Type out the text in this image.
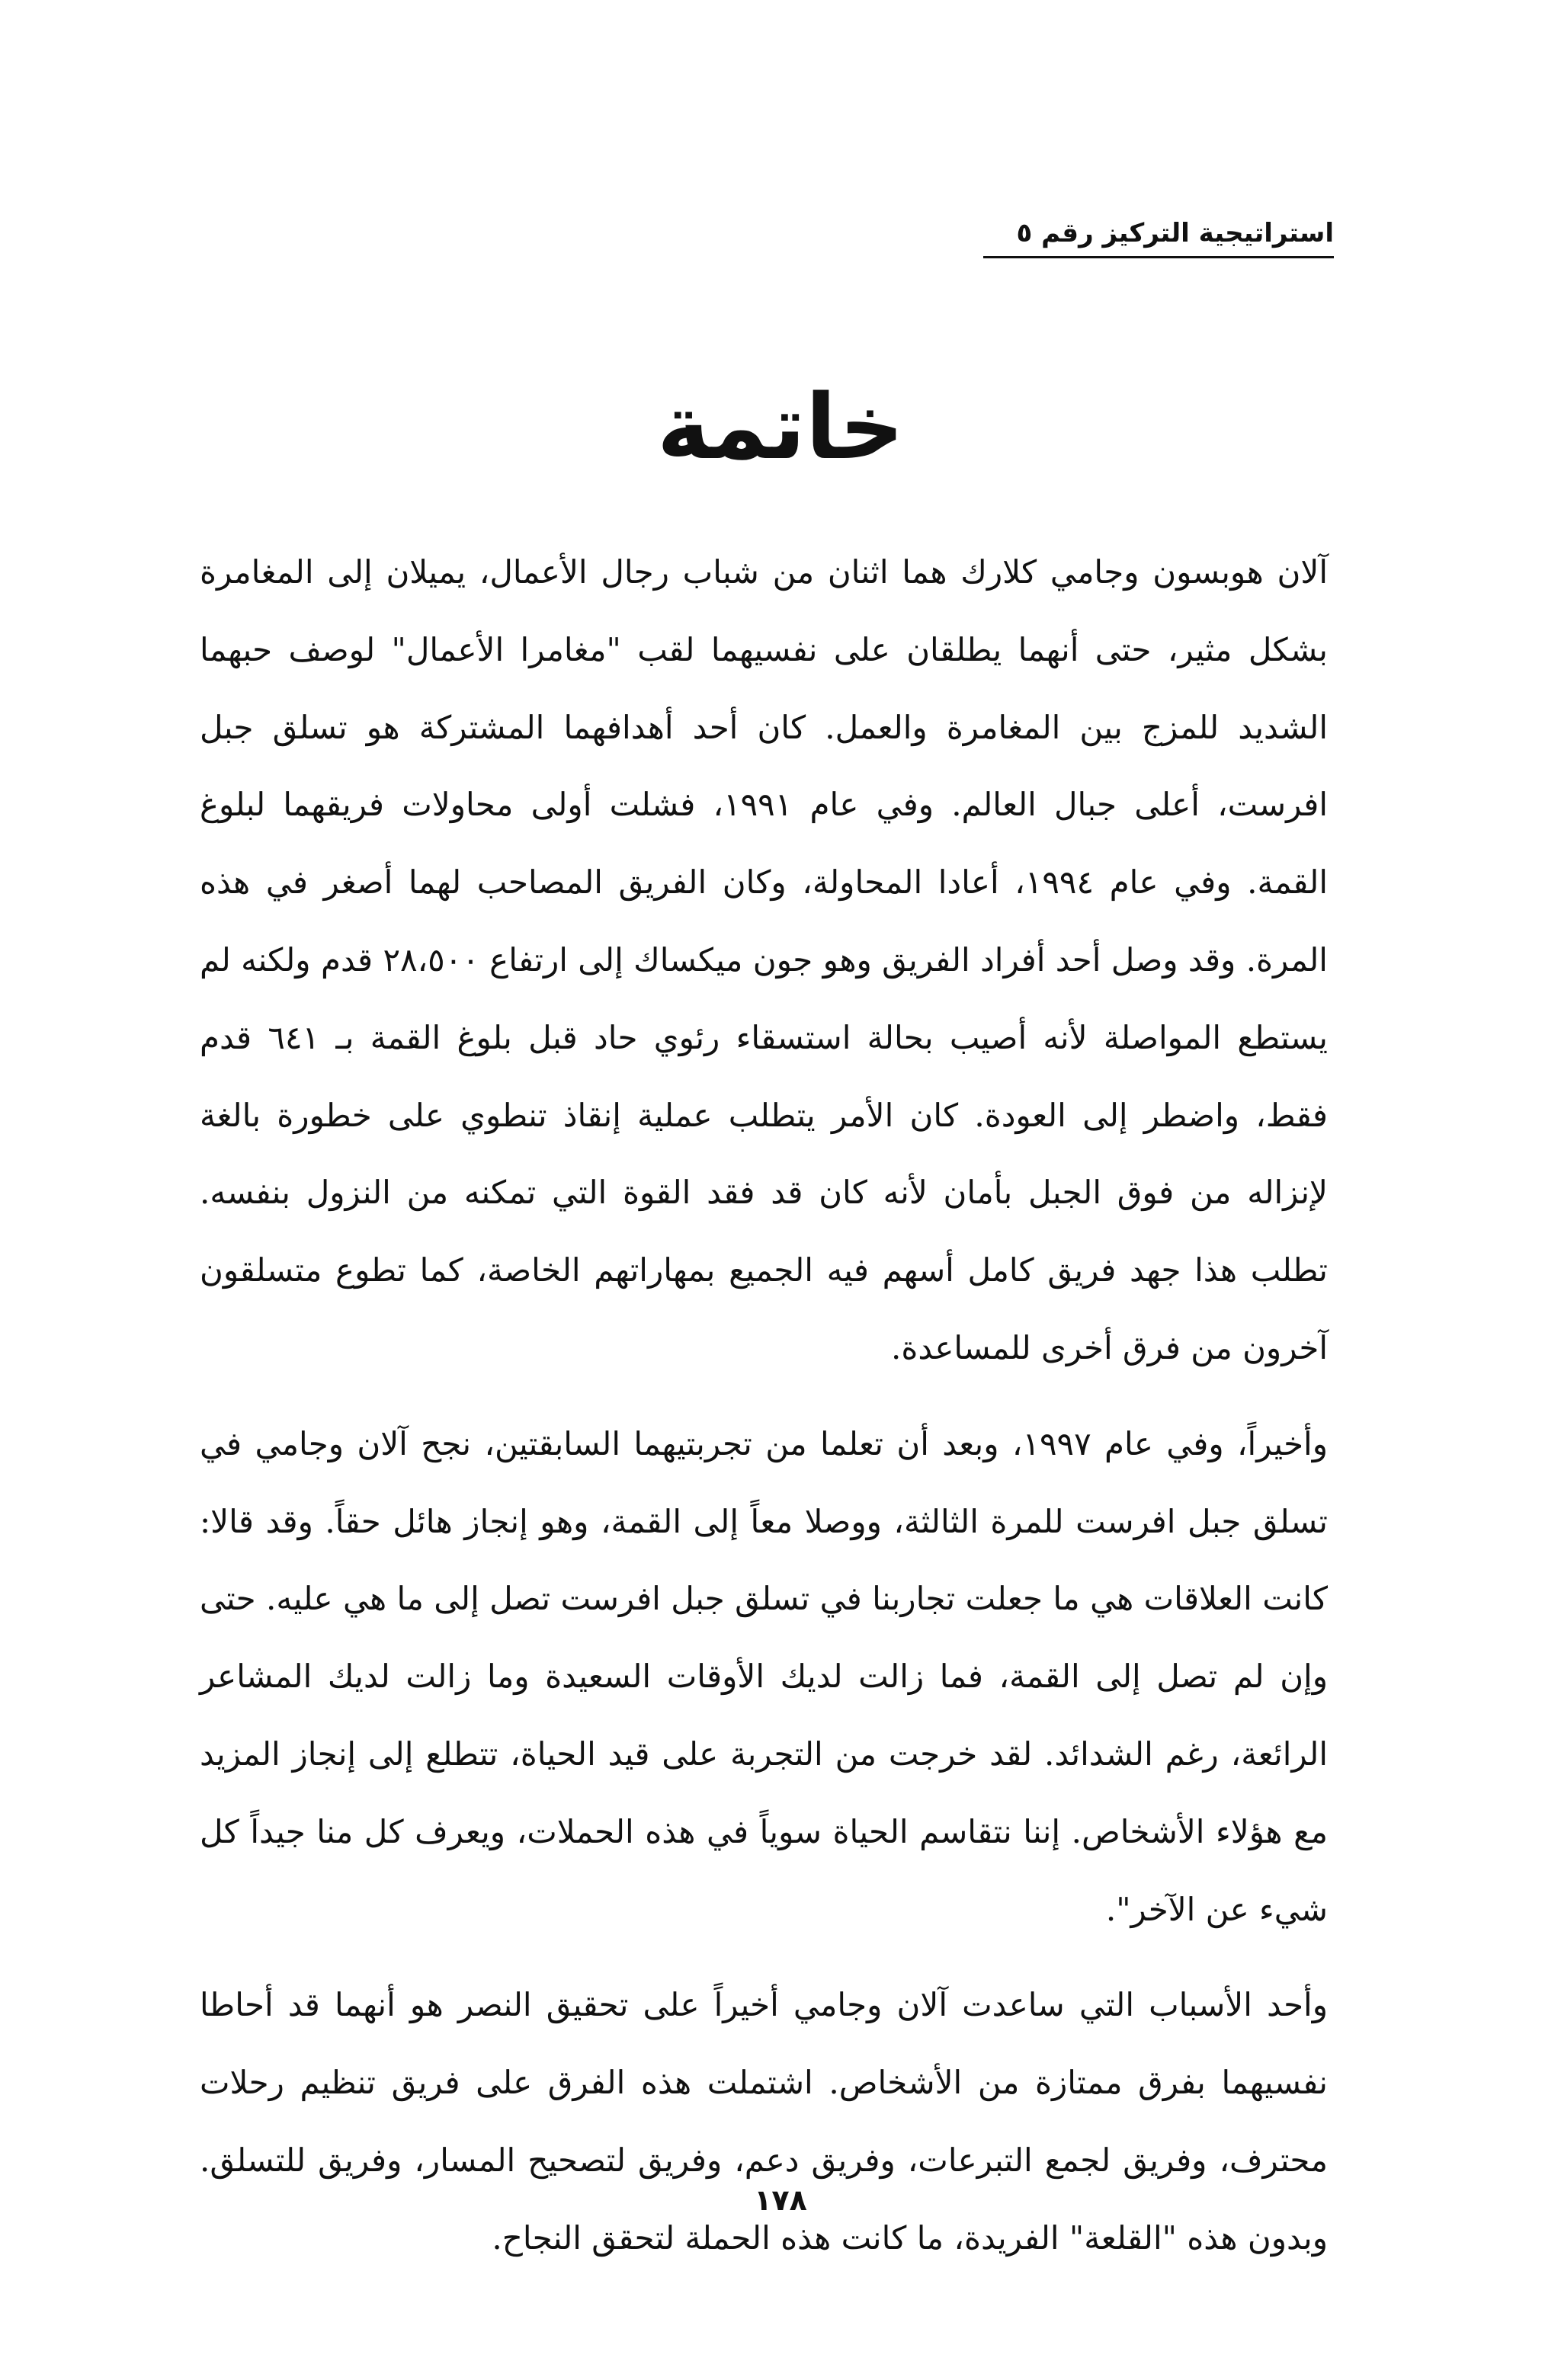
استراتيجية التركيز رقم ٥
خاتمة

آلان هوبسون وجامي كلارك هما اثنان من شباب رجال الأعمال، يميلان إلى المغامرة بشكل مثير، حتى أنهما يطلقان على نفسيهما لقب "مغامرا الأعمال" لوصف حبهما الشديد للمزج بين المغامرة والعمل. كان أحد أهدافهما المشتركة هو تسلق جبل افرست، أعلى جبال العالم. وفي عام ١٩٩١، فشلت أولى محاولات فريقهما لبلوغ القمة. وفي عام ١٩٩٤، أعادا المحاولة، وكان الفريق المصاحب لهما أصغر في هذه المرة. وقد وصل أحد أفراد الفريق وهو جون ميكساك إلى ارتفاع ٢٨،٥٠٠ قدم ولكنه لم يستطع المواصلة لأنه أصيب بحالة استسقاء رئوي حاد قبل بلوغ القمة بـ ٦٤١ قدم فقط، واضطر إلى العودة. كان الأمر يتطلب عملية إنقاذ تنطوي على خطورة بالغة لإنزاله من فوق الجبل بأمان لأنه كان قد فقد القوة التي تمكنه من النزول بنفسه. تطلب هذا جهد فريق كامل أسهم فيه الجميع بمهاراتهم الخاصة، كما تطوع متسلقون آخرون من فرق أخرى للمساعدة.

وأخيراً، وفي عام ١٩٩٧، وبعد أن تعلما من تجربتيهما السابقتين، نجح آلان وجامي في تسلق جبل افرست للمرة الثالثة، ووصلا معاً إلى القمة، وهو إنجاز هائل حقاً. وقد قالا: كانت العلاقات هي ما جعلت تجاربنا في تسلق جبل افرست تصل إلى ما هي عليه. حتى وإن لم تصل إلى القمة، فما زالت لديك الأوقات السعيدة وما زالت لديك المشاعر الرائعة، رغم الشدائد. لقد خرجت من التجربة على قيد الحياة، تتطلع إلى إنجاز المزيد مع هؤلاء الأشخاص. إننا نتقاسم الحياة سوياً في هذه الحملات، ويعرف كل منا جيداً كل شيء عن الآخر".

وأحد الأسباب التي ساعدت آلان وجامي أخيراً على تحقيق النصر هو أنهما قد أحاطا نفسيهما بفرق ممتازة من الأشخاص. اشتملت هذه الفرق على فريق تنظيم رحلات محترف، وفريق لجمع التبرعات، وفريق دعم، وفريق لتصحيح المسار، وفريق للتسلق. وبدون هذه "القلعة" الفريدة، ما كانت هذه الحملة لتحقق النجاح.

١٧٨
